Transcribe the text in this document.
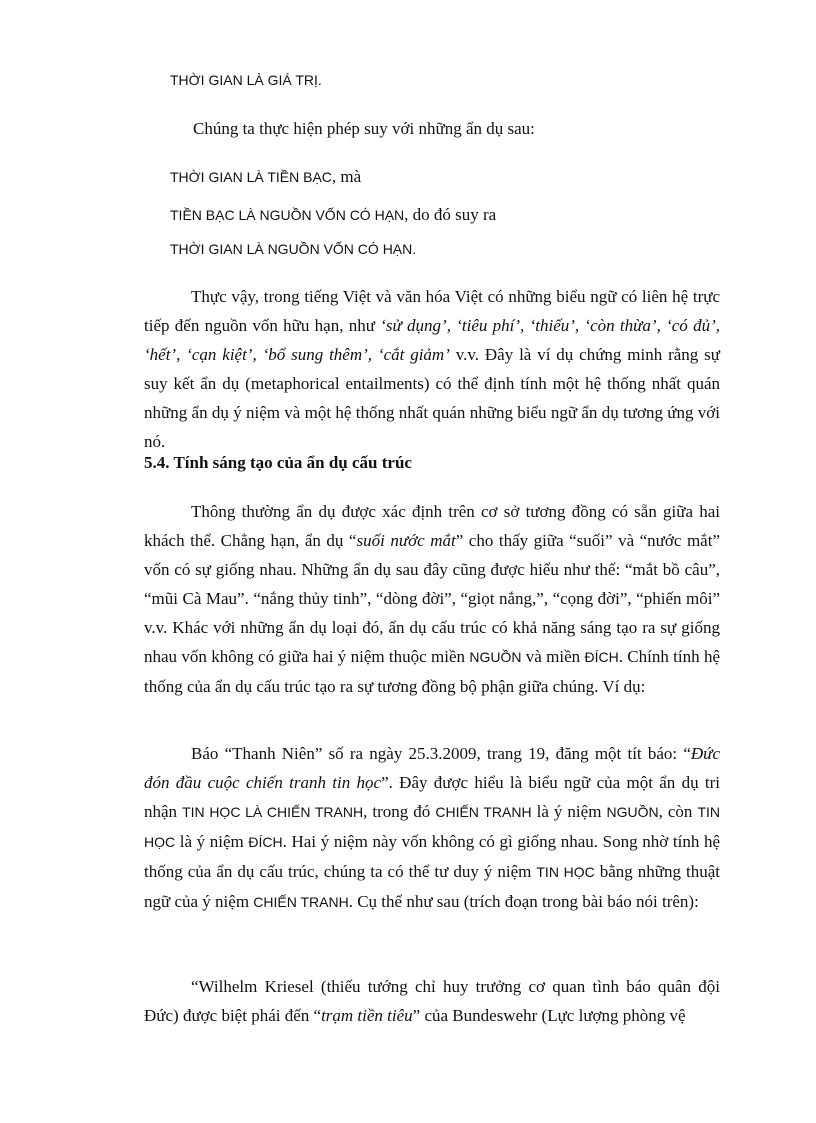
THỜI GIAN LÀ GIÁ TRỊ.
Chúng ta thực hiện phép suy với những ẩn dụ sau:
THỜI GIAN LÀ TIỀN BẠC, mà
TIỀN BẠC LÀ NGUỒN VỐN CÓ HẠN, do đó suy ra
THỜI GIAN LÀ NGUỒN VỐN CÓ HẠN.

Thực vậy, trong tiếng Việt và văn hóa Việt có những biểu ngữ có liên hệ trực tiếp đến nguồn vốn hữu hạn, như ‘sử dụng’, ‘tiêu phí’, ‘thiếu’, ‘còn thừa’, ‘có đủ’, ‘hết’, ‘cạn kiệt’, ‘bổ sung thêm’, ‘cắt giảm’ v.v. Đây là ví dụ chứng minh rằng sự suy kết ẩn dụ (metaphorical entailments) có thể định tính một hệ thống nhất quán những ẩn dụ ý niệm và một hệ thống nhất quán những biểu ngữ ẩn dụ tương ứng với nó.

5.4. Tính sáng tạo của ẩn dụ cấu trúc

Thông thường ẩn dụ được xác định trên cơ sở tương đồng có sẵn giữa hai khách thể. Chẳng hạn, ẩn dụ “suối nước mắt” cho thấy giữa “suối” và “nước mắt” vốn có sự giống nhau. Những ẩn dụ sau đây cũng được hiểu như thế: “mắt bồ câu”, “mũi Cà Mau”. “nắng thủy tinh”, “dòng đời”, “giọt nắng,”, “cọng đời”, “phiến môi” v.v. Khác với những ẩn dụ loại đó, ẩn dụ cấu trúc có khả năng sáng tạo ra sự giống nhau vốn không có giữa hai ý niệm thuộc miền NGUỒN và miền ĐÍCH. Chính tính hệ thống của ẩn dụ cấu trúc tạo ra sự tương đồng bộ phận giữa chúng. Ví dụ:

Báo “Thanh Niên” số ra ngày 25.3.2009, trang 19, đăng một tít báo: “Đức đón đầu cuộc chiến tranh tin học”. Đây được hiểu là biểu ngữ của một ẩn dụ tri nhận TIN HỌC LÀ CHIẾN TRANH, trong đó CHIẾN TRANH là ý niệm NGUỒN, còn TIN HỌC là ý niệm ĐÍCH. Hai ý niệm này vốn không có gì giống nhau. Song nhờ tính hệ thống của ẩn dụ cấu trúc, chúng ta có thể tư duy ý niệm TIN HỌC bằng những thuật ngữ của ý niệm CHIẾN TRANH. Cụ thể như sau (trích đoạn trong bài báo nói trên):

“Wilhelm Kriesel (thiếu tướng chỉ huy trưởng cơ quan tình báo quân đội Đức) được biệt phái đến “trạm tiền tiêu” của Bundeswehr (Lực lượng phòng vệ
